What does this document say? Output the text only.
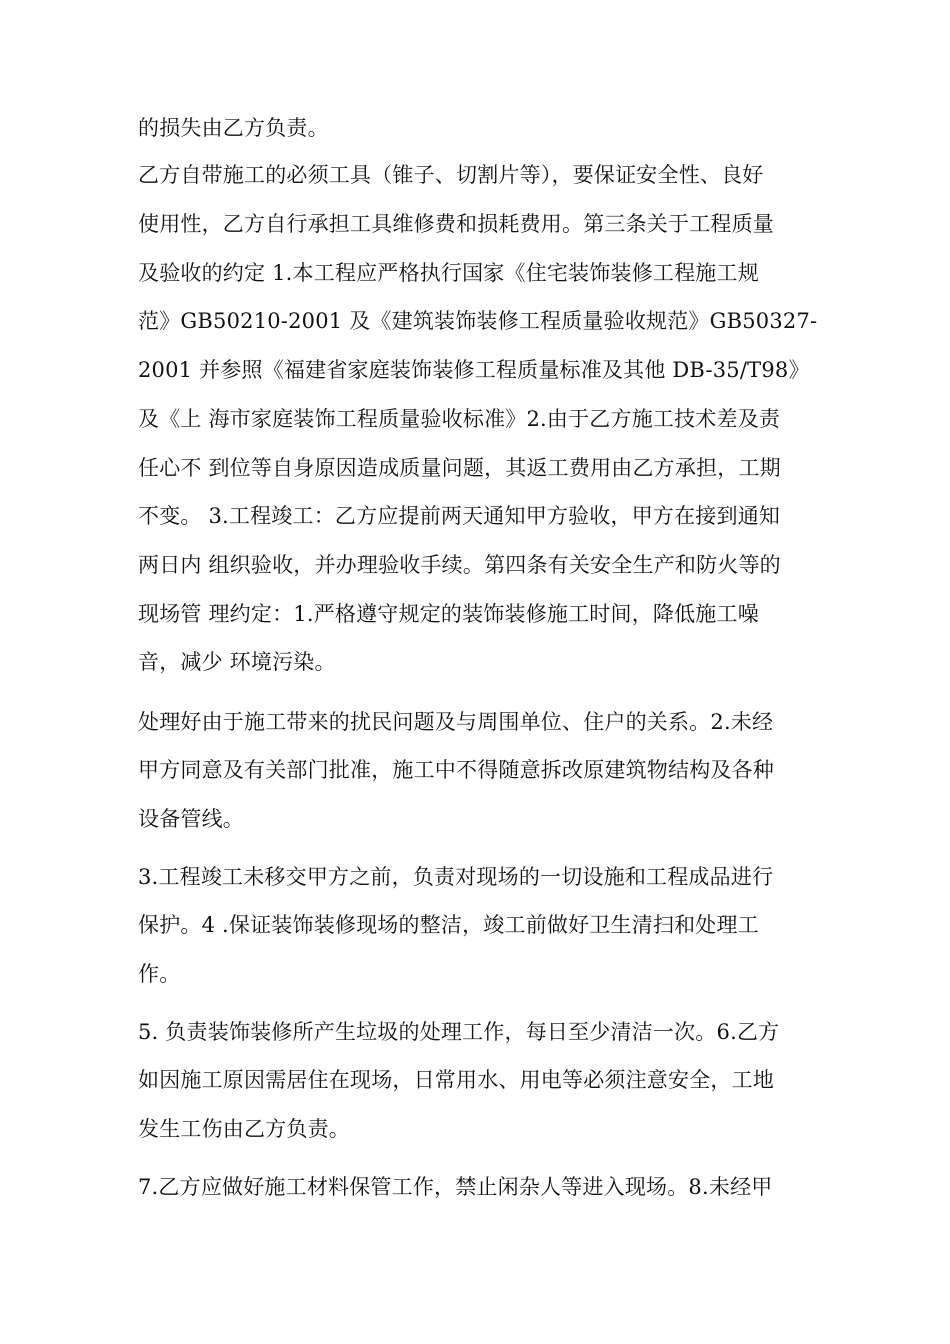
的损失由乙方负责。
乙方自带施工的必须工具（锥子、切割片等），要保证安全性、良好
使用性，乙方自行承担工具维修费和损耗费用。第三条关于工程质量
及验收的约定 1.本工程应严格执行国家《住宅装饰装修工程施工规
范》GB50210-2001 及《建筑装饰装修工程质量验收规范》GB50327-
2001 并参照《福建省家庭装饰装修工程质量标准及其他 DB-35/T98》
及《上 海市家庭装饰工程质量验收标准》2.由于乙方施工技术差及责
任心不 到位等自身原因造成质量问题，其返工费用由乙方承担，工期
不变。 3.工程竣工：乙方应提前两天通知甲方验收，甲方在接到通知
两日内 组织验收，并办理验收手续。第四条有关安全生产和防火等的
现场管 理约定：1.严格遵守规定的装饰装修施工时间，降低施工噪
音，减少 环境污染。
处理好由于施工带来的扰民问题及与周围单位、住户的关系。2.未经
甲方同意及有关部门批准，施工中不得随意拆改原建筑物结构及各种
设备管线。
3.工程竣工未移交甲方之前，负责对现场的一切设施和工程成品进行
保护。4 .保证装饰装修现场的整洁，竣工前做好卫生清扫和处理工
作。
5. 负责装饰装修所产生垃圾的处理工作，每日至少清洁一次。6.乙方
如因施工原因需居住在现场，日常用水、用电等必须注意安全，工地
发生工伤由乙方负责。
7.乙方应做好施工材料保管工作，禁止闲杂人等进入现场。8.未经甲
